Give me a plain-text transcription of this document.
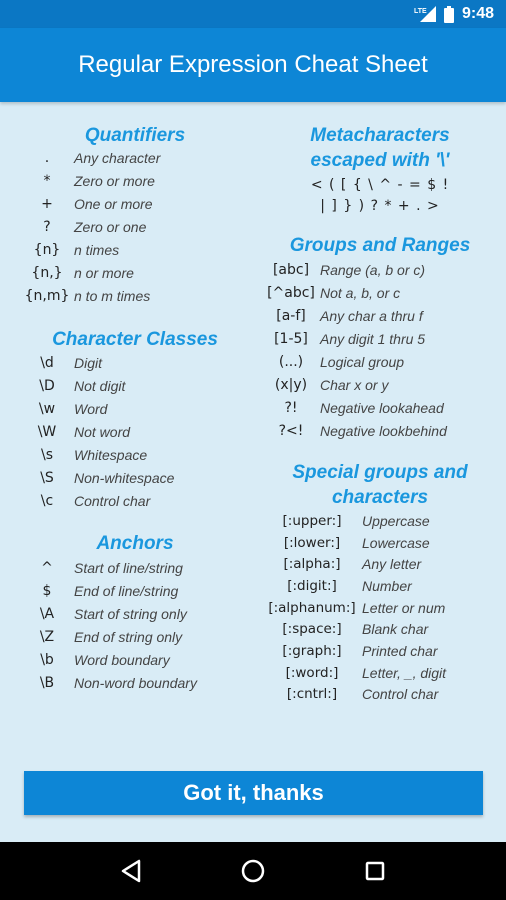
LTE 9:48
Regular Expression Cheat Sheet
Quantifiers
.	Any character
*	Zero or more
+	One or more
?	Zero or one
{n} n times
{n,} n or more
{n,m} n to m times
Character Classes
\d	Digit
\D	Not digit
\w	Word
\W	Not word
\s	Whitespace
\S	Non-whitespace
\c	Control char
Anchors
^	Start of line/string
$	End of line/string
\A	Start of string only
\Z	End of string only
\b	Word boundary
\B	Non-word boundary
Metacharacters
escaped with '\'
< ( [ { \ ^ - = $ !
| ] } ) ? * + . >
Groups and Ranges
[abc] Range (a, b or c)
[^abc] Not a, b, or c
[a-f]	Any char a thru f
[1-5] Any digit 1 thru 5
(...)	Logical group
(x|y) Char x or y
?!	Negative lookahead
?<!	Negative lookbehind
Special groups and
characters
[:upper:]	Uppercase
[:lower:]	Lowercase
[:alpha:]	Any letter
[:digit:]	Number
[:alphanum:] Letter or num
[:space:]	Blank char
[:graph:]	Printed char
[:word:]	Letter, _, digit
[:cntrl:]	Control char
Got it, thanks
